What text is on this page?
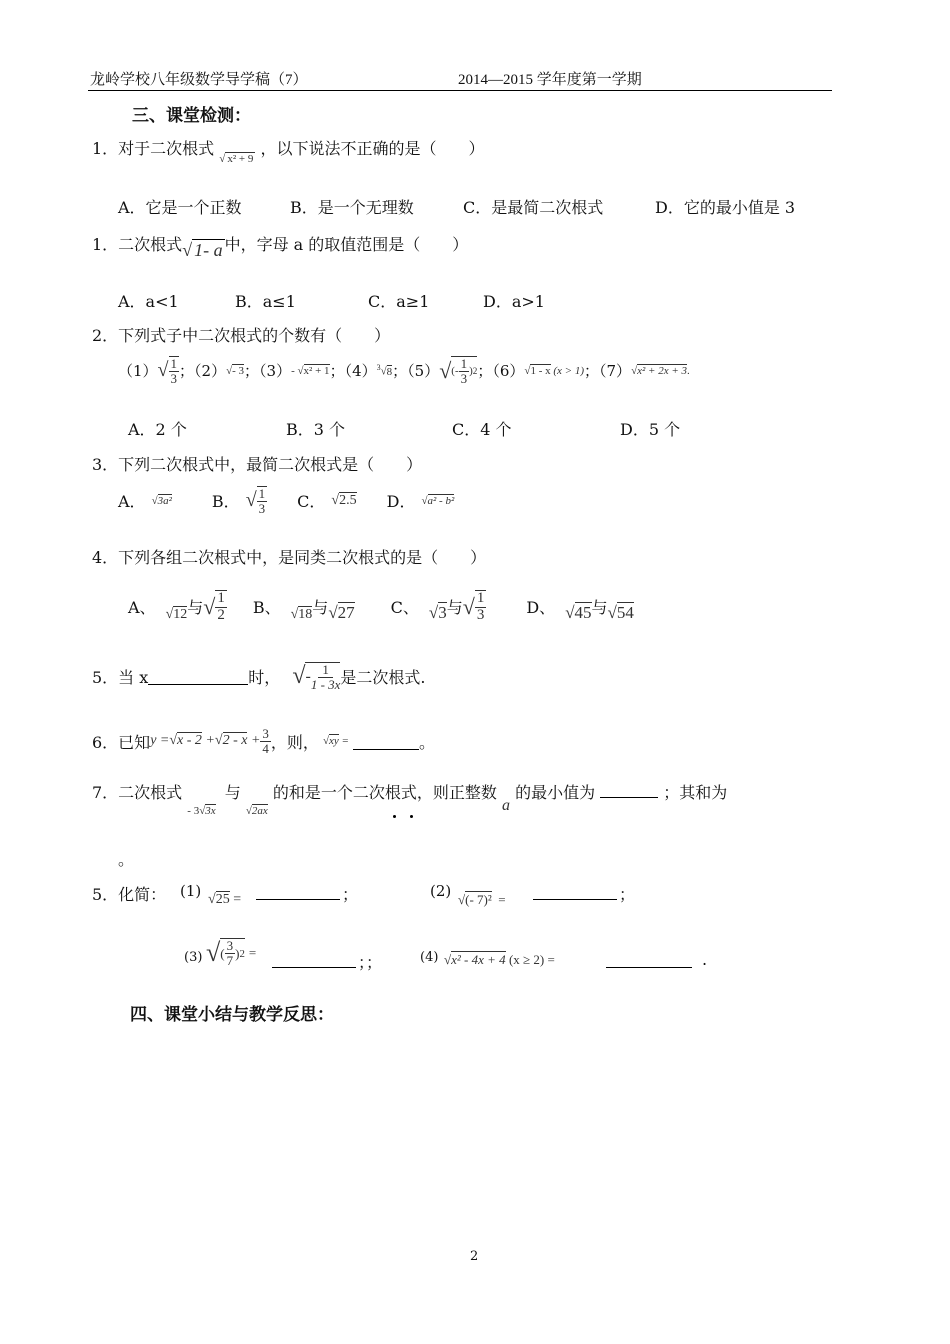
龙岭学校八年级数学导学稿（7）	2014—2015 学年度第一学期
三、课堂检测：
1．对于二次根式 $_{√ x^2 + 9}$ ，以下说法不正确的是（　　）
A．它是一个正数	B．是一个无理数	C．是最简二次根式	D．它的最小值是 3
1．二次根式√ 1- a 中，字母 a 的取值范围是（　　）
A．a<1	B．a≤1	C．a≥1	D．a>1
2．下列式子中二次根式的个数有（　　）
（1） √ $\frac{1}{3}$ ；（2） √- 3 ；（3） - √x² + 1 ；（4） $^3$√8 ；（5） √ (- $\frac{1}{3}$ ) 2 ；（6） √1 - x (x > 1) ；（7） √x² + 2x + 3.
A．2 个	B．3 个	C．4 个	D．5 个
3．下列二次根式中，最简二次根式是（　　）
A． √3a²	B． √ $\frac{1}{3}$ C． √2.5 D． √a² - b²
4．下列各组二次根式中，是同类二次根式的是（　　）
A、 √12 与 √ $\frac{1}{2}$ B、 √18 与 √27 C、 √3 与 √ $\frac{1}{3}$	D、 √45 与 √54
5．当 x	时， √ - $\frac{1}{1 - 3x}$ 是二次根式.
6．已知 $y =√x - 2 +√2 - x + \frac{3}{4}$ ，则， √xy =	。
7．二次根式 $_{- 3√3x}$ 与 $_{√2ax}$ 的和是一个二次根式，则正整数 a 的最小值为	；其和为
。
5．化简： (1) √25 =	；	(2) √(- 7)²  =	；
(3) √ ( $\frac{3}{7}$ ) 2 =
；；	(4) √x² - 4x + 4 (x ≥ 2) =	.
四、课堂小结与教学反思：
2
